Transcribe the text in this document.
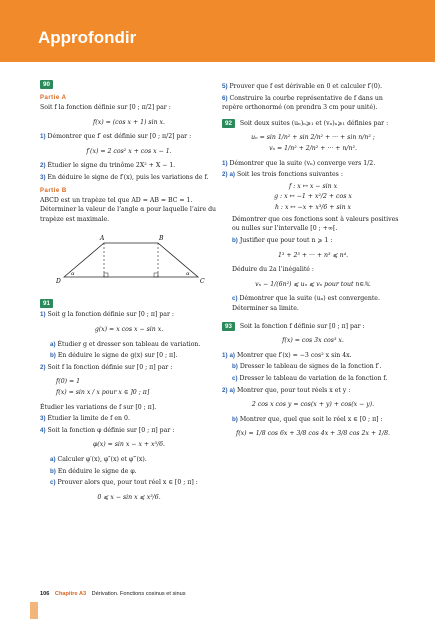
Approfondir
90
Partie A
Soit f la fonction définie sur [0 ; π/2] par :
f(x) = (cos x + 1) sin x.
1) Démontrer que f′ est définie sur [0 ; π/2] par :
f′(x) = 2 cos² x + cos x − 1.
2) Étudier le signe du trinôme 2X² + X − 1.
3) En déduire le signe de f′(x), puis les variations de f.
Partie B
ABCD est un trapèze tel que AD = AB = BC = 1. Déterminer la valeur de l’angle α pour laquelle l’aire du trapèze est maximale.
A	B
C
D
α	α
91
1) Soit g la fonction définie sur [0 ; π] par :
g(x) = x cos x − sin x.
a) Étudier g et dresser son tableau de variation.
b) En déduire le signe de g(x) sur [0 ; π].
2) Soit f la fonction définie sur [0 ; π] par :
f(0) = 1
f(x) = sin x / x pour x ∈ ]0 ; π]
Étudier les variations de f sur [0 ; π].
3) Étudier la limite de f en 0.
4) Soit la fonction φ définie sur [0 ; π] par :
φ(x) = sin x − x + x³/6.
a) Calculer φ′(x), φ″(x) et φ‴(x).
b) En déduire le signe de φ.
c) Prouver alors que, pour tout réel x ∈ [0 ; π] :
0 ⩽ x − sin x ⩽ x³/6.
5) Prouver que f est dérivable en 0 et calculer f′(0).
6) Construire la courbe représentative de f dans un repère orthonormé (on prendra 3 cm pour unité).
92 Soit deux suites (uₙ)ₙ⩾₁ et (vₙ)ₙ⩾₁ définies par :
uₙ = sin 1/n² + sin 2/n² + ··· + sin n/n² ;
vₙ = 1/n² + 2/n² + ··· + n/n².
1) Démontrer que la suite (vₙ) converge vers 1/2.
2) a) Soit les trois fonctions suivantes :
f : x ↦ x − sin x
g : x ↦ −1 + x²/2 + cos x
h : x ↦ −x + x³/6 + sin x
Démontrer que ces fonctions sont à valeurs positives ou nulles sur l’intervalle [0 ; +∞[.
b) Justifier que pour tout n ⩾ 1 :
1³ + 2³ + ··· + n³ ⩽ n⁴.
Déduire du 2a l’inégalité :
vₙ − 1/(6n²) ⩽ uₙ ⩽ vₙ pour tout n∈ℕ.
c) Démontrer que la suite (uₙ) est convergente. Déterminer sa limite.
93 Soit la fonction f définie sur [0 ; π] par :
f(x) = cos 3x cos³ x.
1) a) Montrer que f′(x) = −3 cos² x sin 4x.
b) Dresser le tableau de signes de la fonction f′.
c) Dresser le tableau de variation de la fonction f.
2) a) Montrer que, pour tout réels x et y :
2 cos x cos y = cos(x + y) + cos(x − y).
b) Montrer que, quel que soit le réel x ∈ [0 ; π] :
f(x) = 1/8 cos 6x + 3/8 cos 4x + 3/8 cos 2x + 1/8.
106 Chapitre A3 Dérivation. Fonctions cosinus et sinus
